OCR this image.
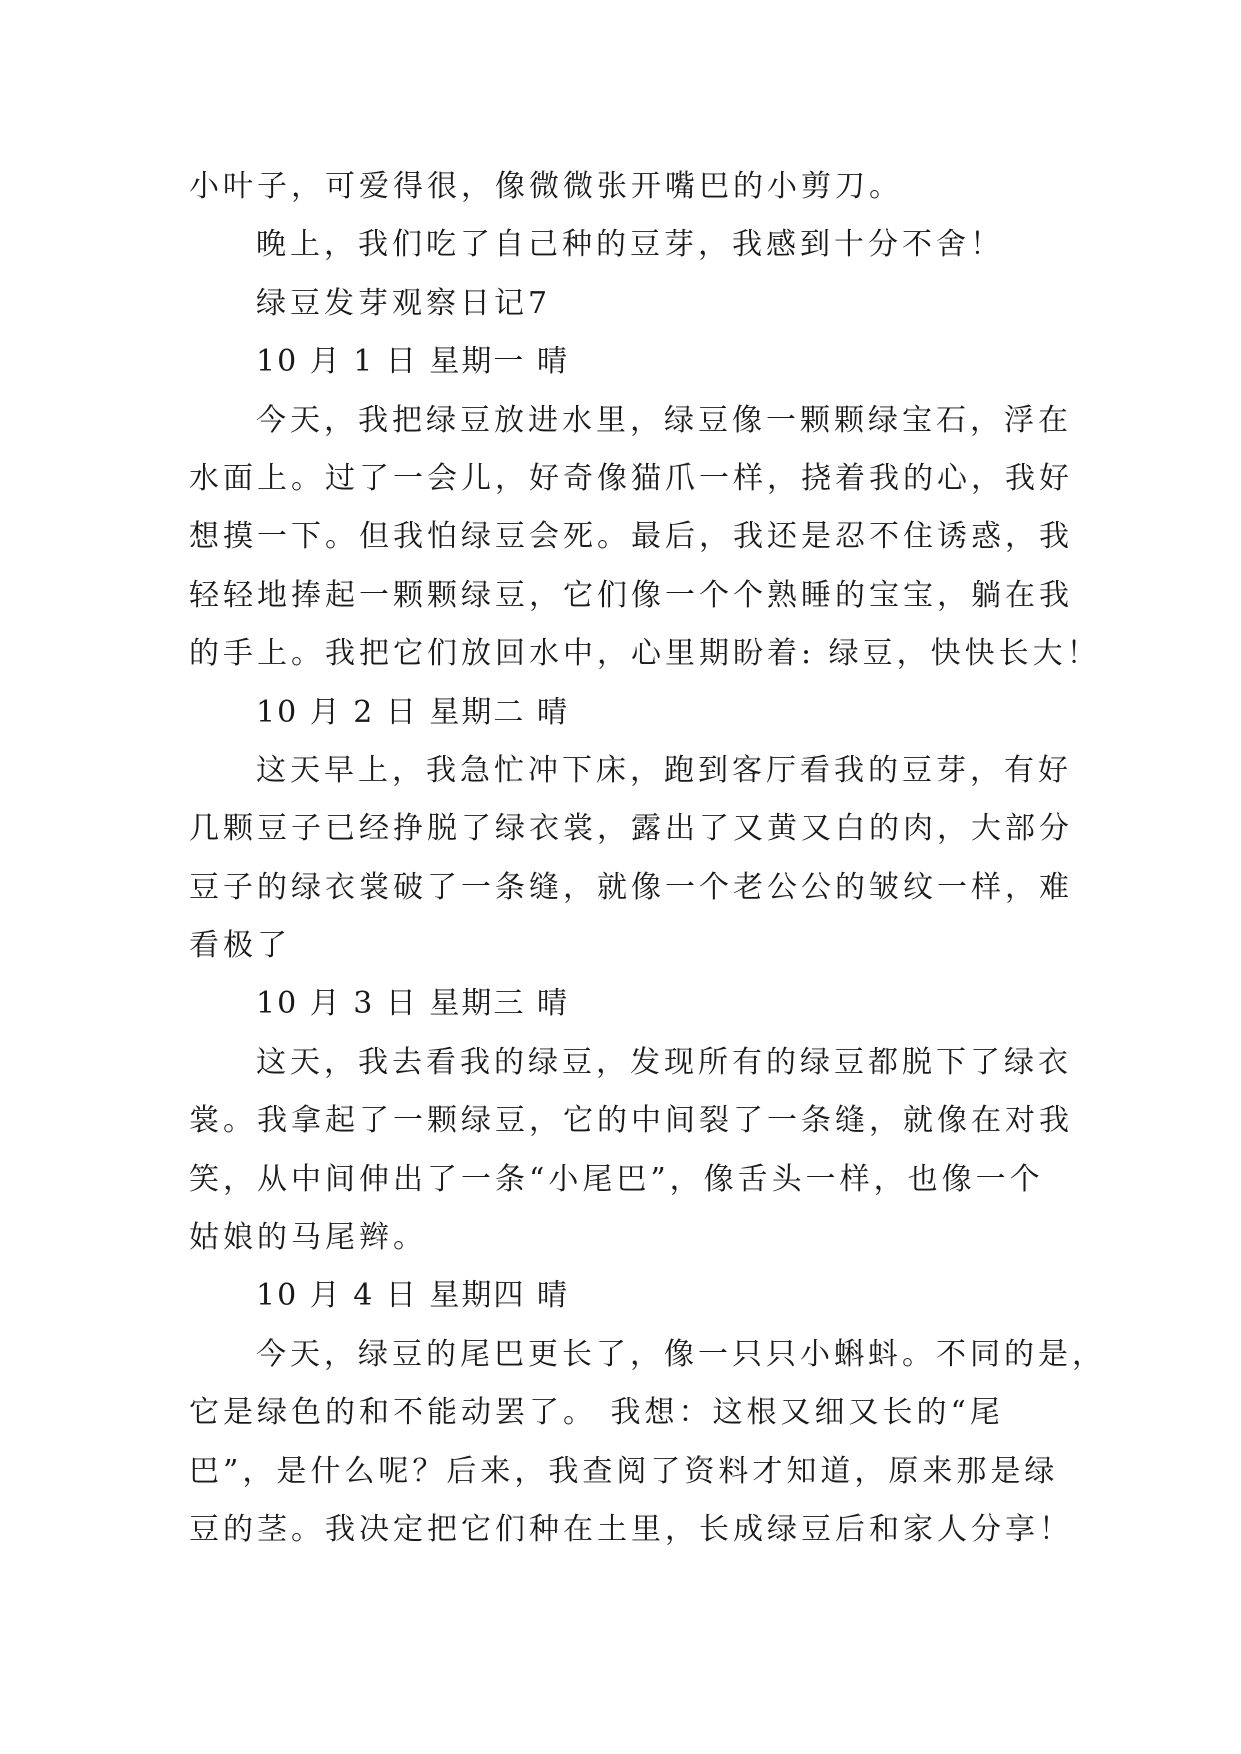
小叶子，可爱得很，像微微张开嘴巴的小剪刀。
晚上，我们吃了自己种的豆芽，我感到十分不舍！
绿豆发芽观察日记7
10 月 1 日 星期一 晴
今天，我把绿豆放进水里，绿豆像一颗颗绿宝石，浮在
水面上。过了一会儿，好奇像猫爪一样，挠着我的心，我好
想摸一下。但我怕绿豆会死。最后，我还是忍不住诱惑，我
轻轻地捧起一颗颗绿豆，它们像一个个熟睡的宝宝，躺在我
的手上。我把它们放回水中，心里期盼着: 绿豆，快快长大！
10 月 2 日 星期二 晴
这天早上，我急忙冲下床，跑到客厅看我的豆芽，有好
几颗豆子已经挣脱了绿衣裳，露出了又黄又白的肉，大部分
豆子的绿衣裳破了一条缝，就像一个老公公的皱纹一样，难
看极了
10 月 3 日 星期三 晴
这天，我去看我的绿豆，发现所有的绿豆都脱下了绿衣
裳。我拿起了一颗绿豆，它的中间裂了一条缝，就像在对我
笑，从中间伸出了一条“小尾巴”，像舌头一样，也像一个
姑娘的马尾辫。
10 月 4 日 星期四 晴
今天，绿豆的尾巴更长了，像一只只小蝌蚪。不同的是，
它是绿色的和不能动罢了。 我想：这根又细又长的“尾
巴”，是什么呢？后来，我查阅了资料才知道，原来那是绿
豆的茎。我决定把它们种在土里，长成绿豆后和家人分享！
